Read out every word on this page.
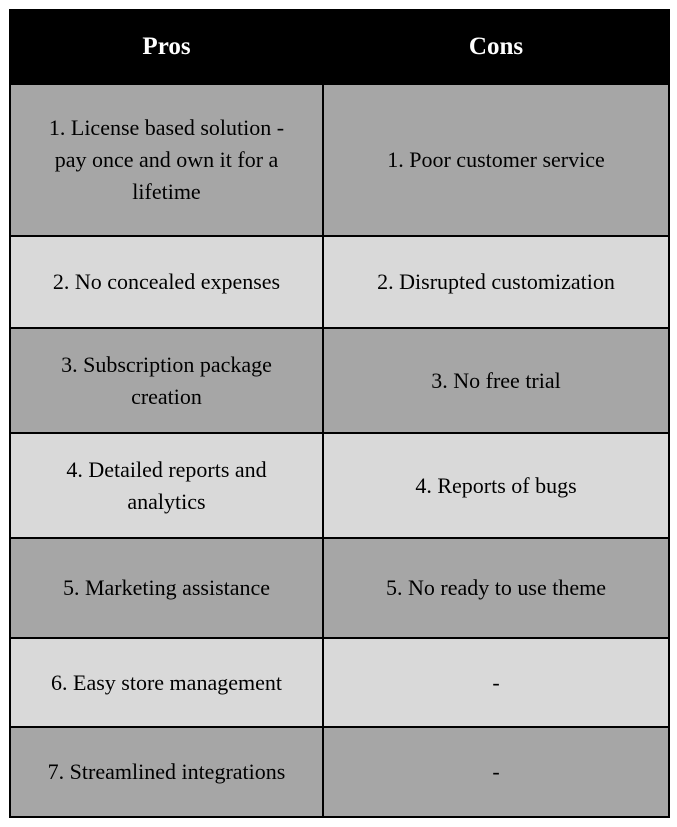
Pros	Cons
1. License based solution - pay once and own it for a lifetime	1. Poor customer service
2. No concealed expenses	2. Disrupted customization
3. Subscription package creation	3. No free trial
4. Detailed reports and analytics	4. Reports of bugs
5. Marketing assistance	5. No ready to use theme
6. Easy store management	-
7. Streamlined integrations	-
